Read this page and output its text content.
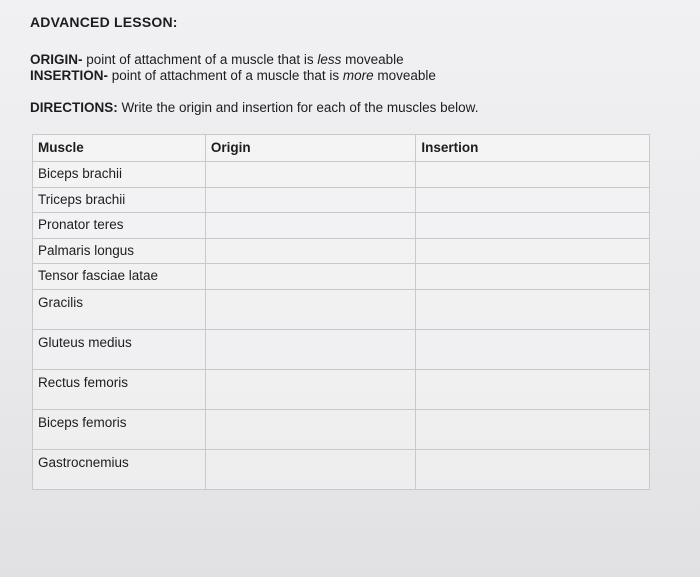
ADVANCED LESSON:
ORIGIN- point of attachment of a muscle that is less moveable
INSERTION- point of attachment of a muscle that is more moveable
DIRECTIONS: Write the origin and insertion for each of the muscles below.
Muscle	Origin	Insertion
Biceps brachii		
Triceps brachii		
Pronator teres		
Palmaris longus		
Tensor fasciae latae		
Gracilis		
Gluteus medius		
Rectus femoris		
Biceps femoris		
Gastrocnemius		
